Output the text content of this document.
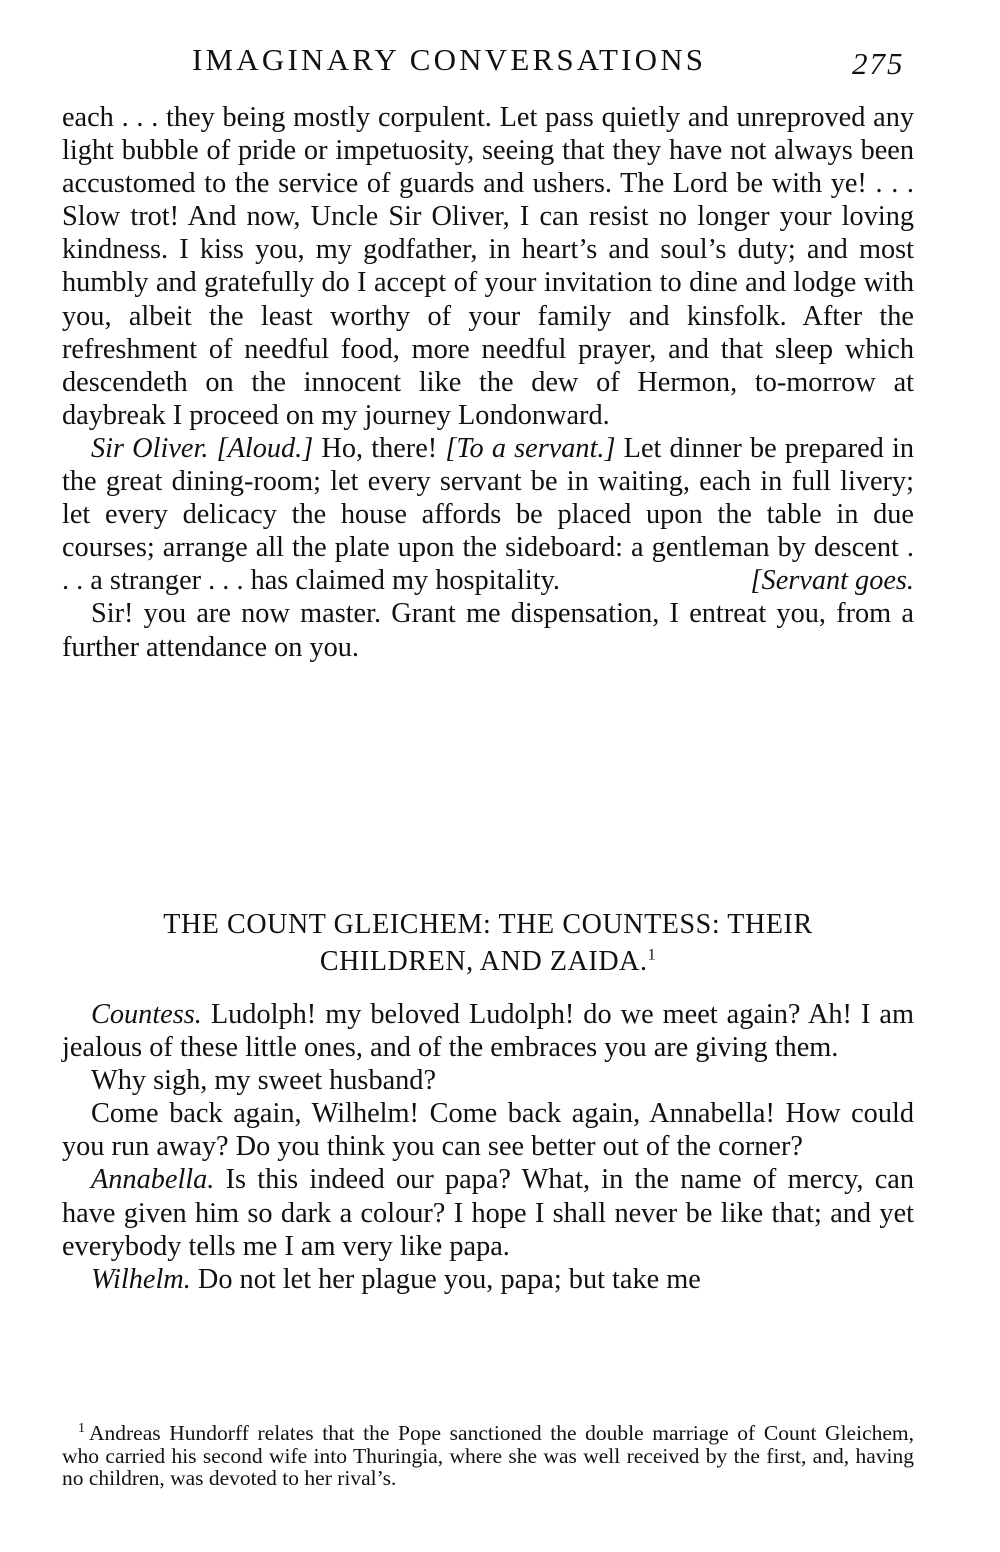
IMAGINARY CONVERSATIONS	275

each . . . they being mostly corpulent. Let pass quietly and unreproved any light bubble of pride or impetuosity, seeing that they have not always been accustomed to the service of guards and ushers. The Lord be with ye! . . . Slow trot! And now, Uncle Sir Oliver, I can resist no longer your loving kindness. I kiss you, my godfather, in heart’s and soul’s duty; and most humbly and gratefully do I accept of your invitation to dine and lodge with you, albeit the least worthy of your family and kinsfolk. After the refreshment of needful food, more needful prayer, and that sleep which descendeth on the innocent like the dew of Hermon, to-morrow at daybreak I proceed on my journey Londonward.

Sir Oliver. [Aloud.] Ho, there! [To a servant.] Let dinner be prepared in the great dining-room; let every servant be in waiting, each in full livery; let every delicacy the house affords be placed upon the table in due courses; arrange all the plate upon the sideboard: a gentleman by descent . . . a stranger . . . has claimed my hospitality.	[Servant goes.

Sir! you are now master. Grant me dispensation, I entreat you, from a further attendance on you.

THE COUNT GLEICHEM: THE COUNTESS: THEIR
CHILDREN, AND ZAIDA.$^1$

Countess. Ludolph! my beloved Ludolph! do we meet again? Ah! I am jealous of these little ones, and of the embraces you are giving them.

Why sigh, my sweet husband?

Come back again, Wilhelm! Come back again, Annabella! How could you run away? Do you think you can see better out of the corner?

Annabella. Is this indeed our papa? What, in the name of mercy, can have given him so dark a colour? I hope I shall never be like that; and yet everybody tells me I am very like papa.

Wilhelm. Do not let her plague you, papa; but take me

$^1$ Andreas Hundorff relates that the Pope sanctioned the double marriage of Count Gleichem, who carried his second wife into Thuringia, where she was well received by the first, and, having no children, was devoted to her rival’s.
